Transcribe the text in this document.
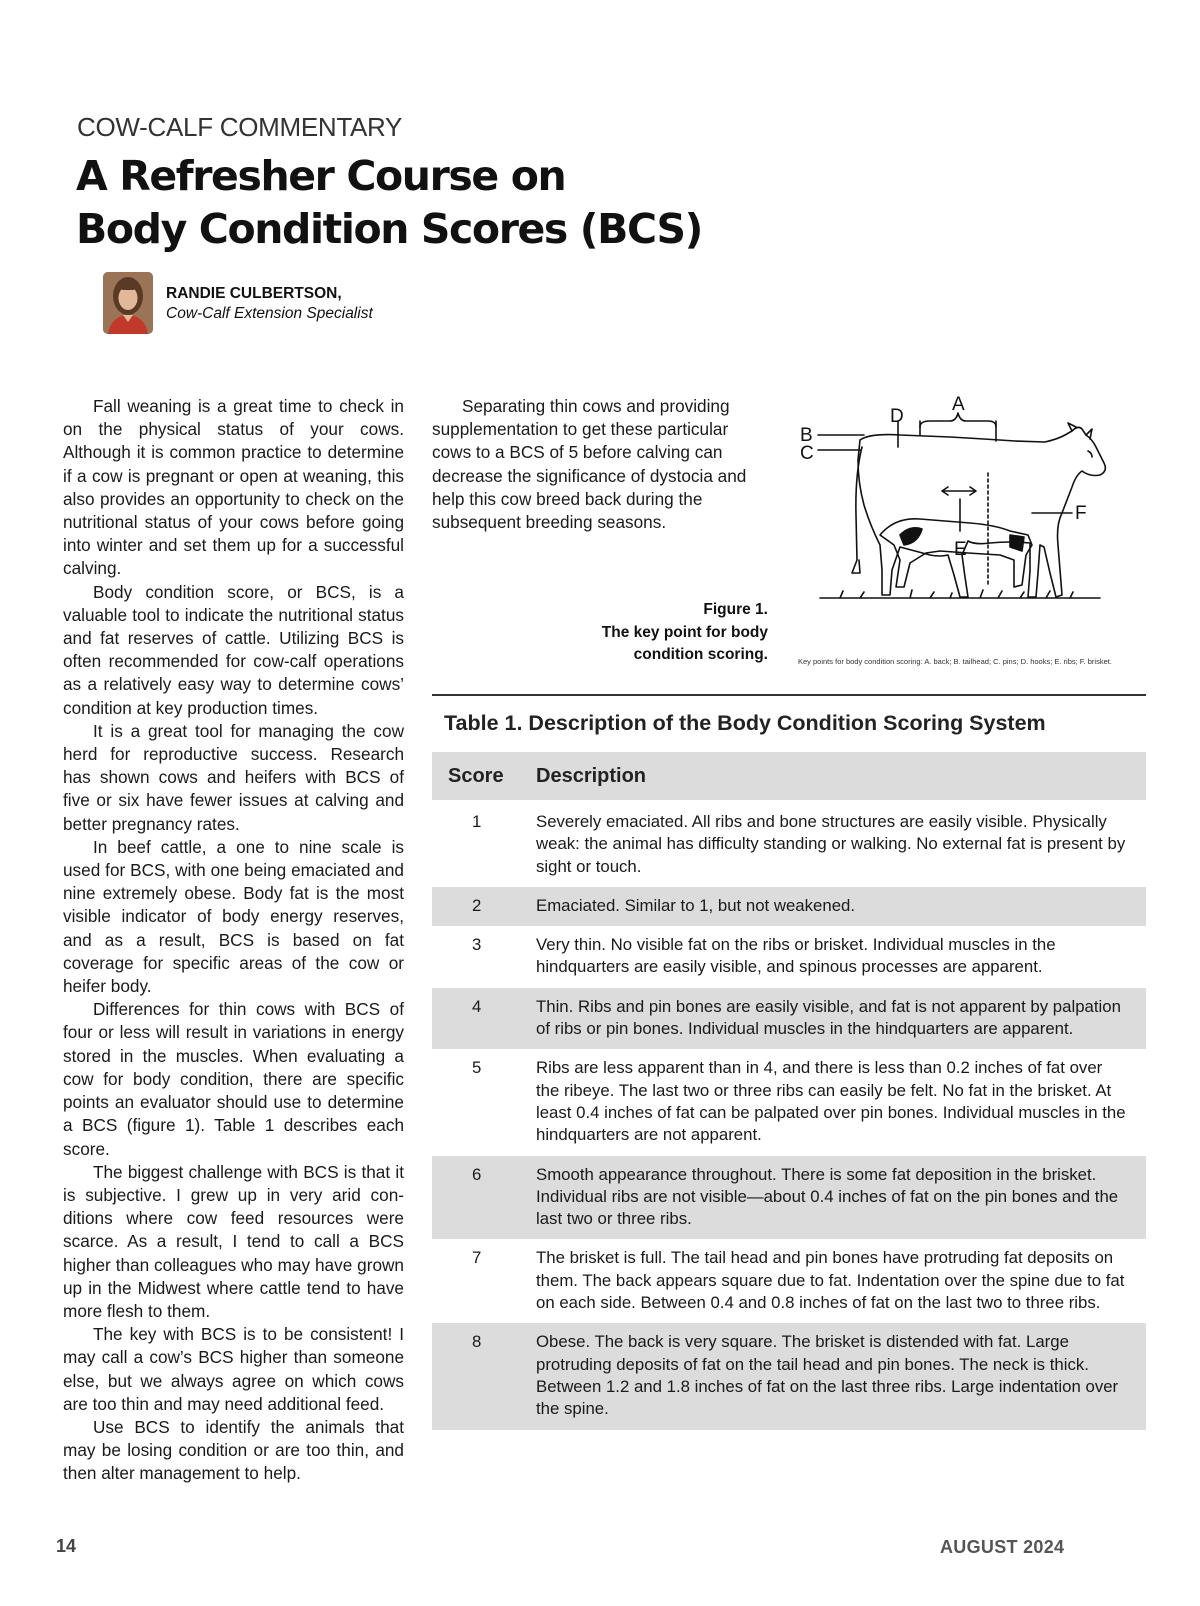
COW-CALF COMMENTARY
A Refresher Course on
Body Condition Scores (BCS)
RANDIE CULBERTSON,
Cow-Calf Extension Specialist

Fall weaning is a great time to check in on the physical status of your cows. Although it is common practice to determine if a cow is pregnant or open at weaning, this also provides an opportunity to check on the nutritional status of your cows before going into winter and set them up for a successful calving.

Body condition score, or BCS, is a valuable tool to indicate the nutritional status and fat reserves of cattle. Utilizing BCS is often recommended for cow-calf operations as a relatively easy way to determine cows’ condition at key production times.

It is a great tool for managing the cow herd for reproductive success. Research has shown cows and heifers with BCS of five or six have fewer issues at calving and better pregnancy rates.

In beef cattle, a one to nine scale is used for BCS, with one being emaciated and nine extremely obese. Body fat is the most visible indicator of body energy reserves, and as a result, BCS is based on fat coverage for specific areas of the cow or heifer body.

Differences for thin cows with BCS of four or less will result in variations in energy stored in the muscles. When evaluating a cow for body condition, there are specific points an evaluator should use to determine a BCS (figure 1). Table 1 describes each score.

The biggest challenge with BCS is that it is subjective. I grew up in very arid conditions where cow feed resources were scarce. As a result, I tend to call a BCS higher than colleagues who may have grown up in the Midwest where cattle tend to have more flesh to them.

The key with BCS is to be consistent! I may call a cow’s BCS higher than someone else, but we always agree on which cows are too thin and may need additional feed.

Use BCS to identify the animals that may be losing condition or are too thin, and then alter management to help.

Separating thin cows and providing supplementation to get these particular cows to a BCS of 5 before calving can decrease the significance of dystocia and help this cow breed back during the subsequent breeding seasons.

Figure 1.
The key point for body
condition scoring.
A
B
C
D
E
F
Key points for body condition scoring: A. back; B. tailhead; C. pins; D. hooks; E. ribs; F. brisket.
Table 1. Description of the Body Condition Scoring System
Score	Description
1	Severely emaciated. All ribs and bone structures are easily visible. Physically weak: the animal has difficulty standing or walking. No external fat is present by sight or touch.
2	Emaciated. Similar to 1, but not weakened.
3	Very thin. No visible fat on the ribs or brisket. Individual muscles in the hindquarters are easily visible, and spinous processes are apparent.
4	Thin. Ribs and pin bones are easily visible, and fat is not apparent by palpation of ribs or pin bones. Individual muscles in the hindquarters are apparent.
5	Ribs are less apparent than in 4, and there is less than 0.2 inches of fat over the ribeye. The last two or three ribs can easily be felt. No fat in the brisket. At least 0.4 inches of fat can be palpated over pin bones. Individual muscles in the hindquarters are not apparent.
6	Smooth appearance throughout. There is some fat deposition in the brisket. Individual ribs are not visible—about 0.4 inches of fat on the pin bones and the last two or three ribs.
7	The brisket is full. The tail head and pin bones have protruding fat deposits on them. The back appears square due to fat. Indentation over the spine due to fat on each side. Between 0.4 and 0.8 inches of fat on the last two to three ribs.
8	Obese. The back is very square. The brisket is distended with fat. Large protruding deposits of fat on the tail head and pin bones. The neck is thick. Between 1.2 and 1.8 inches of fat on the last three ribs. Large indentation over the spine.
14	AUGUST 2024
